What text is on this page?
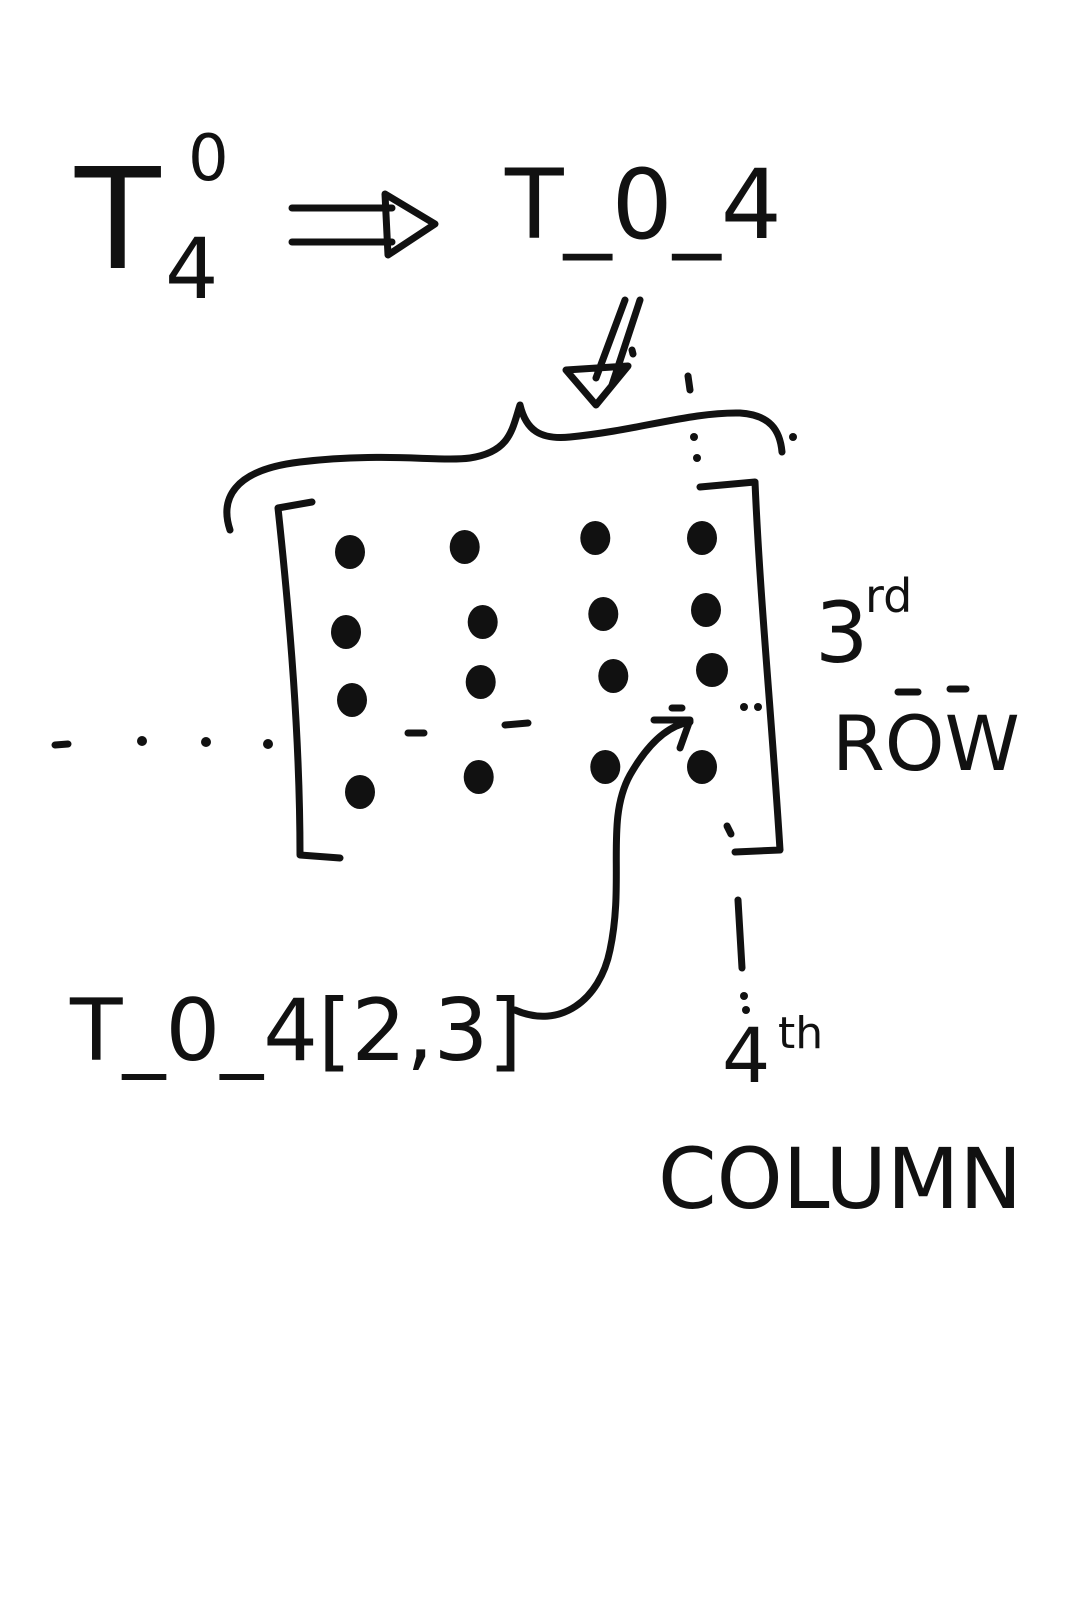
T 0
4
T_0_4
T_0_4[2,3]
3
rd
ROW
4 th
COLUMN
